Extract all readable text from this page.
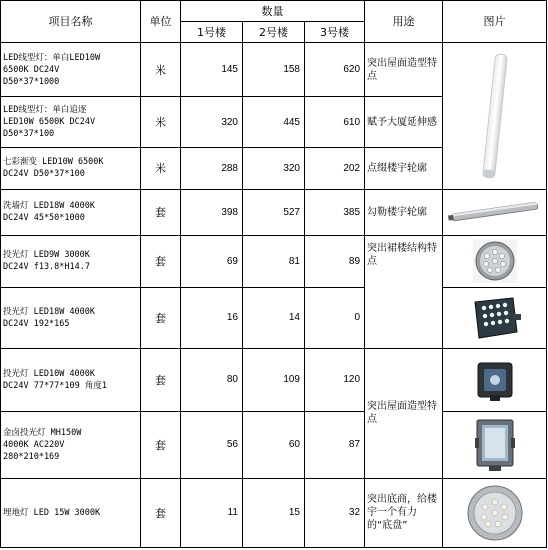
项目名称	单位	数量			用途	图片
		1号楼	2号楼	3号楼		

LED线型灯：单白LED10W
6500K DC24V
D50*37*1000	米	145	158	620	突出屋面造型特点	

LED线型灯：单白追逐
LED10W 6500K DC24V
D50*37*100	米	320	445	610	赋予大厦延伸感	

七彩渐变 LED10W 6500K
DC24V D50*37*100	米	288	320	202	点缀楼宇轮廓	

洗墙灯 LED18W 4000K
DC24V 45*50*1000	套	398	527	385	勾勒楼宇轮廓	

投光灯 LED9W 3000K
DC24V f13.8*H14.7	套	69	81	89	突出裙楼结构特点	

投光灯 LED18W 4000K
DC24V 192*165	套	16	14	0	

投光灯 LED10W 4000K
DC24V 77*77*109 角度1	套	80	109	120	突出屋面造型特点	

金卤投光灯 MH150W
4000K AC220V
280*210*169	套	56	60	87	

埋地灯 LED 15W 3000K	套	11	15	32	突出底商，给楼宇一个有力的“底盘”	
